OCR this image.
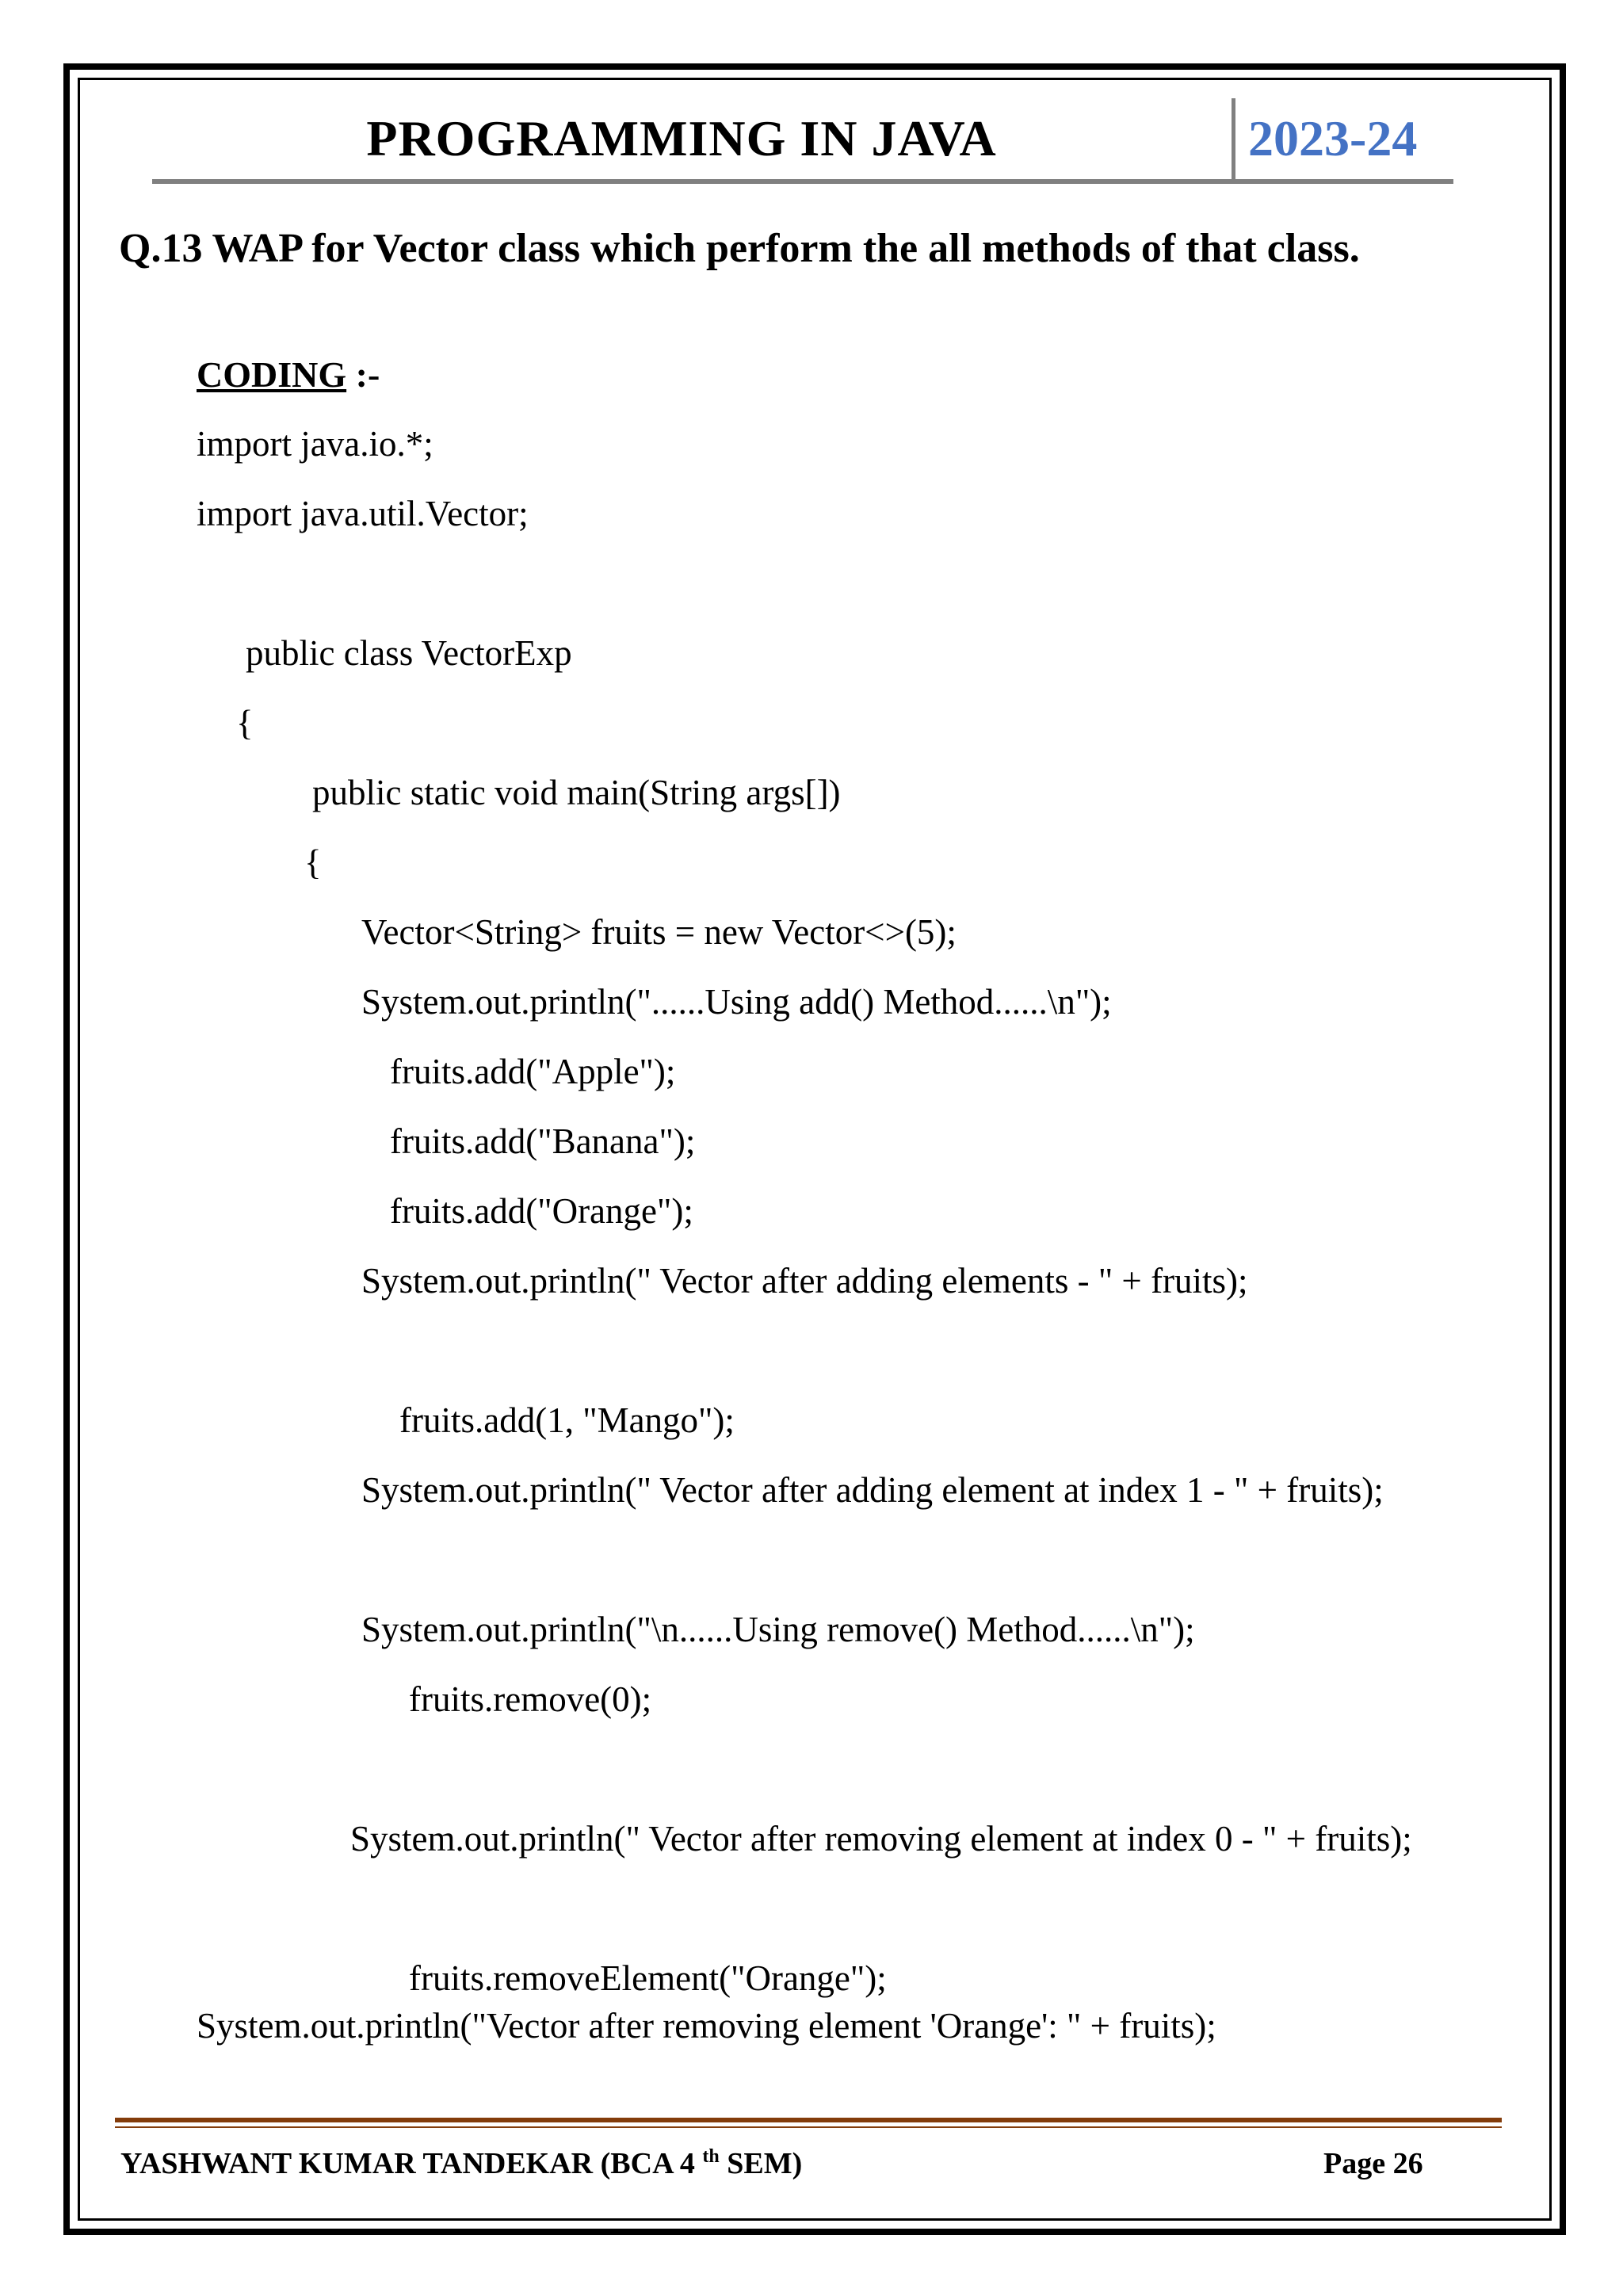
PROGRAMMING IN JAVA	2023-24
Q.13 WAP for Vector class which perform the all methods of that class.
CODING :-
import java.io.*;
import java.util.Vector;
public class VectorExp
{
public static void main(String args[])
{
Vector<String> fruits = new Vector<>(5);
System.out.println("......Using add() Method......\n");
fruits.add("Apple");
fruits.add("Banana");
fruits.add("Orange");
System.out.println(" Vector after adding elements - " + fruits);
fruits.add(1, "Mango");
System.out.println(" Vector after adding element at index 1 - " + fruits);
System.out.println("\n......Using remove() Method......\n");
fruits.remove(0);
System.out.println(" Vector after removing element at index 0 - " + fruits);
fruits.removeElement("Orange");
System.out.println("Vector after removing element 'Orange': " + fruits);
YASHWANT KUMAR TANDEKAR (BCA 4 $^{th}$ SEM)	Page 26
